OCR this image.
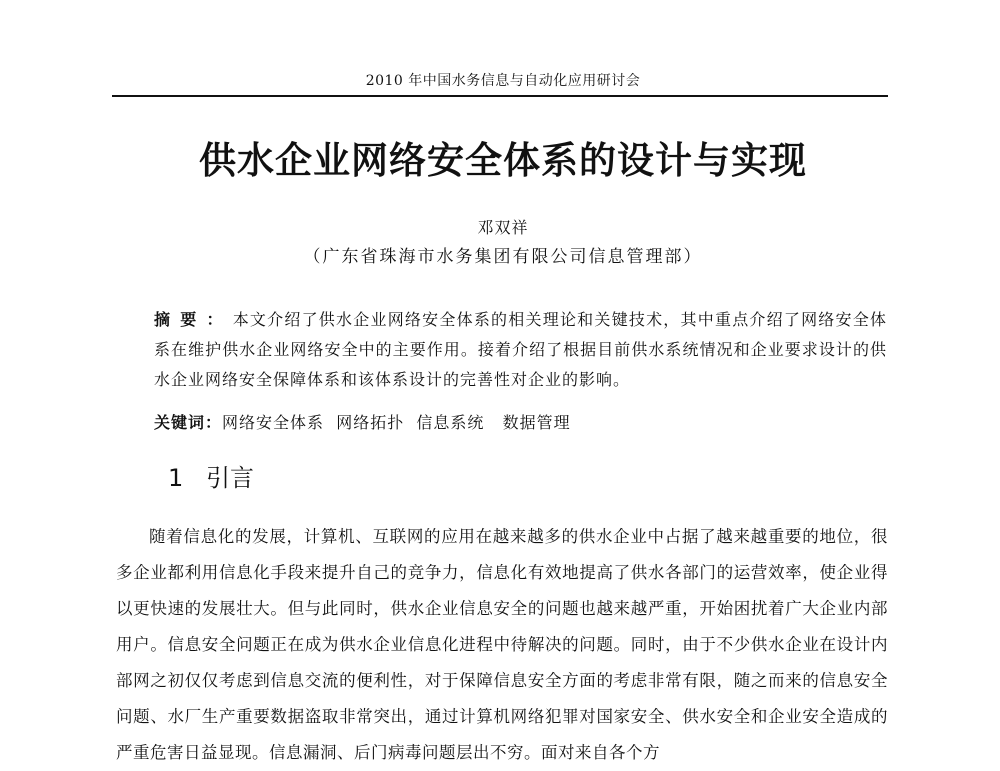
2010 年中国水务信息与自动化应用研讨会
供水企业网络安全体系的设计与实现
邓双祥
（广东省珠海市水务集团有限公司信息管理部）
摘要：本文介绍了供水企业网络安全体系的相关理论和关键技术，其中重点介绍了网络安全体系在维护供水企业网络安全中的主要作用。接着介绍了根据目前供水系统情况和企业要求设计的供水企业网络安全保障体系和该体系设计的完善性对企业的影响。
关键词：网络安全体系  网络拓扑  信息系统   数据管理
1 引言
随着信息化的发展，计算机、互联网的应用在越来越多的供水企业中占据了越来越重要的地位，很多企业都利用信息化手段来提升自己的竞争力，信息化有效地提高了供水各部门的运营效率，使企业得以更快速的发展壮大。但与此同时，供水企业信息安全的问题也越来越严重，开始困扰着广大企业内部用户。信息安全问题正在成为供水企业信息化进程中待解决的问题。同时，由于不少供水企业在设计内部网之初仅仅考虑到信息交流的便利性，对于保障信息安全方面的考虑非常有限，随之而来的信息安全问题、水厂生产重要数据盗取非常突出，通过计算机网络犯罪对国家安全、供水安全和企业安全造成的严重危害日益显现。信息漏洞、后门病毒问题层出不穷。面对来自各个方
